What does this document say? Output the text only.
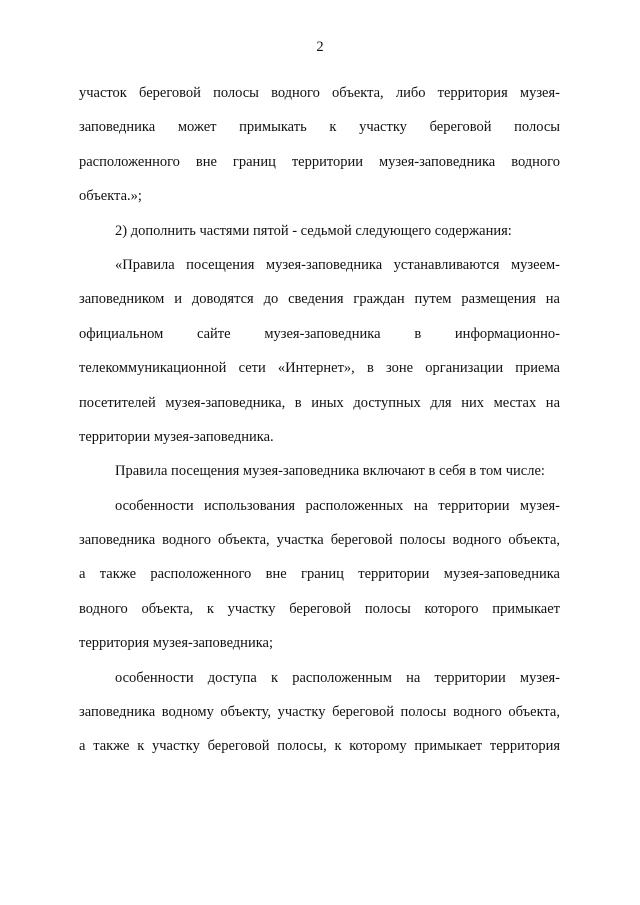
2
участок береговой полосы водного объекта, либо территория музея-
заповедника может примыкать к участку береговой полосы
расположенного вне границ территории музея-заповедника водного
объекта.»;
2) дополнить частями пятой - седьмой следующего содержания:
«Правила посещения музея-заповедника устанавливаются музеем-
заповедником и доводятся до сведения граждан путем размещения на
официальном сайте музея-заповедника в информационно-
телекоммуникационной сети «Интернет», в зоне организации приема
посетителей музея-заповедника, в иных доступных для них местах на
территории музея-заповедника.
Правила посещения музея-заповедника включают в себя в том числе:
особенности использования расположенных на территории музея-
заповедника водного объекта, участка береговой полосы водного объекта,
а также расположенного вне границ территории музея-заповедника
водного объекта, к участку береговой полосы которого примыкает
территория музея-заповедника;
особенности доступа к расположенным на территории музея-
заповедника водному объекту, участку береговой полосы водного объекта,
а также к участку береговой полосы, к которому примыкает территория
